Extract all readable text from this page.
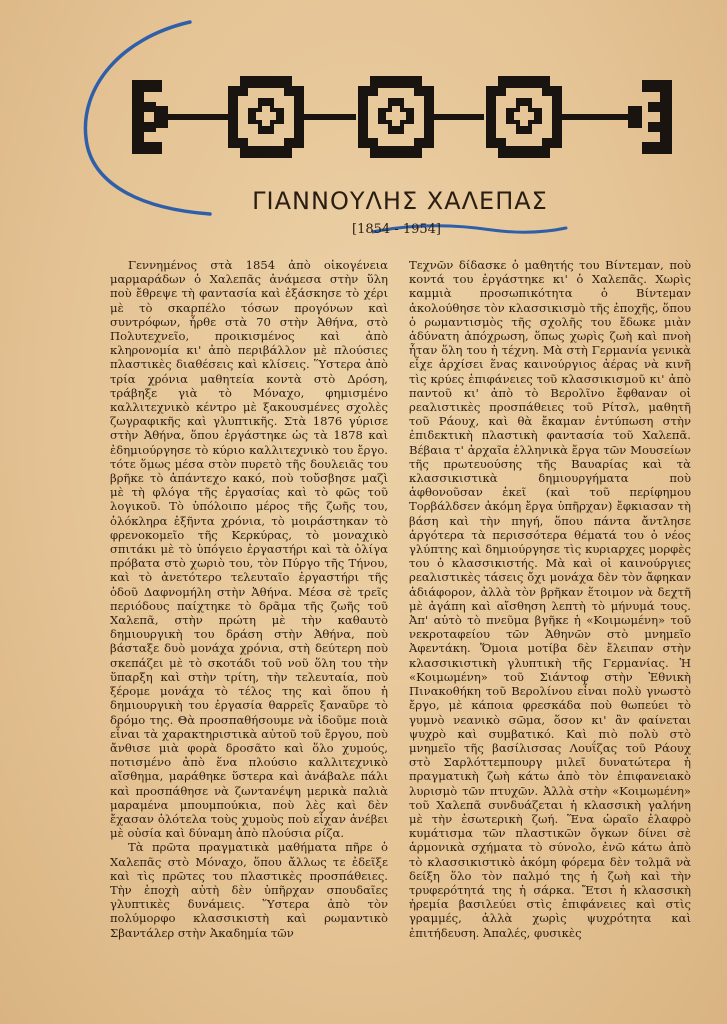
ΓΙΑΝΝΟΥΛΗΣ ΧΑΛΕΠΑΣ
[1854 - 1954]

Γεννημένος στὰ 1854 ἀπὸ οἰκογένεια μαρμαράδων ὁ Χαλεπᾶς ἀνάμεσα στὴν ὕλη ποὺ ἔθρεψε τὴ φαντασία καὶ ἐξάσκησε τὸ χέρι μὲ τὸ σκαρπέλο τόσων προγόνων καὶ συντρόφων, ἦρθε στὰ 70 στὴν Ἀθήνα, στὸ Πολυτεχνεῖο, προικισμένος καὶ ἀπὸ κληρονομία κι' ἀπὸ περιβάλλον μὲ πλούσιες πλαστικὲς διαθέσεις καὶ κλίσεις. Ὕστερα ἀπὸ τρία χρόνια μαθητεία κοντὰ στὸ Δρόση, τράβηξε γιὰ τὸ Μόναχο, φημισμένο καλλιτεχνικὸ κέντρο μὲ ξακουσμένες σχολὲς ζωγραφικῆς καὶ γλυπτικῆς. Στὰ 1876 γύρισε στὴν Ἀθήνα, ὅπου ἐργάστηκε ὡς τὰ 1878 καὶ ἐδημιούργησε τὸ κύριο καλλιτεχνικὸ του ἔργο. τότε ὅμως μέσα στὸν πυρετὸ τῆς δουλειᾶς του βρῆκε τὸ ἀπάντεχο κακό, ποὺ τοὔσβησε μαζὶ μὲ τὴ φλόγα τῆς ἐργασίας καὶ τὸ φῶς τοῦ λογικοῦ. Τὸ ὑπόλοιπο μέρος τῆς ζωῆς του, ὁλόκληρα ἑξῆντα χρόνια, τὸ μοιράστηκαν τὸ φρενοκομεῖο τῆς Κερκύρας, τὸ μοναχικὸ σπιτάκι μὲ τὸ ὑπόγειο ἐργαστήρι καὶ τὰ ὀλίγα πρόβατα στὸ χωριὸ του, τὸν Πύργο τῆς Τήνου, καὶ τὸ ἀνετότερο τελευταῖο ἐργαστήρι τῆς ὁδοῦ Δαφνομήλη στὴν Ἀθήνα. Μέσα σὲ τρεῖς περιόδους παίχτηκε τὸ δρᾶμα τῆς ζωῆς τοῦ Χαλεπᾶ, στὴν πρώτη μὲ τὴν καθαυτὸ δημιουργικὴ του δράση στὴν Ἀθήνα, ποὺ βάσταξε δυὸ μονάχα χρόνια, στὴ δεύτερη ποὺ σκεπάζει μὲ τὸ σκοτάδι τοῦ νοῦ ὅλη του τὴν ὕπαρξη καὶ στὴν τρίτη, τὴν τελευταία, ποὺ ξέρομε μονάχα τὸ τέλος της καὶ ὅπου ἡ δημιουργικὴ του ἐργασία θαρρεῖς ξαναῦρε τὸ δρόμο της. Θὰ προσπαθήσουμε νὰ ἰδοῦμε ποιὰ εἶναι τὰ χαρακτηριστικὰ αὐτοῦ τοῦ ἔργου, ποὺ ἄνθισε μιὰ φορὰ δροσᾶτο καὶ ὅλο χυμούς, ποτισμένο ἀπὸ ἕνα πλούσιο καλλιτεχνικὸ αἴσθημα, μαράθηκε ὕστερα καὶ ἀνάβαλε πάλι καὶ προσπάθησε νὰ ζωντανέψη μερικὰ παλιὰ μαραμένα μπουμπούκια, ποὺ λὲς καὶ δὲν ἔχασαν ὁλότελα τοὺς χυμοὺς ποὺ εἶχαν ἀνέβει μὲ οὐσία καὶ δύναμη ἀπὸ πλούσια ρίζα.

Τὰ πρῶτα πραγματικὰ μαθήματα πῆρε ὁ Χαλεπᾶς στὸ Μόναχο, ὅπου ἄλλως τε ἐδεῖξε καὶ τὶς πρῶτες του πλαστικὲς προσπάθειες. Τὴν ἐποχὴ αὐτὴ δὲν ὑπῆρχαν σπουδαῖες γλυπτικὲς δυνάμεις. Ὕστερα ἀπὸ τὸν πολύμορφο κλασσικιστὴ καὶ ρωμαντικὸ Σβαντάλερ στὴν Ἀκαδημία τῶν

Τεχνῶν δίδασκε ὁ μαθητής του Βίντεμαν, ποὺ κοντά του ἐργάστηκε κι' ὁ Χαλεπᾶς. Χωρὶς καμμιὰ προσωπικότητα ὁ Βίντεμαν ἀκολούθησε τὸν κλασσικισμὸ τῆς ἐποχῆς, ὅπου ὁ ρωμαντισμὸς τῆς σχολῆς του ἔδωκε μιὰν ἀδύνατη ἀπόχρωση, ὅπως χωρὶς ζωὴ καὶ πνοὴ ἦταν ὅλη του ἡ τέχνη. Μὰ στὴ Γερμανία γενικὰ εἶχε ἀρχίσει ἕνας καινούργιος ἀέρας νὰ κινῆ τὶς κρύες ἐπιφάνειες τοῦ κλασσικισμοῦ κι' ἀπὸ παντοῦ κι' ἀπὸ τὸ Βερολῖνο ἔφθαναν οἱ ρεαλιστικὲς προσπάθειες τοῦ Ρίτσλ, μαθητῆ τοῦ Ράουχ, καὶ θὰ ἔκαμαν ἐντύπωση στὴν ἐπιδεκτικὴ πλαστικὴ φαντασία τοῦ Χαλεπᾶ. Βέβαια τ' ἀρχαῖα ἑλληνικὰ ἔργα τῶν Μουσείων τῆς πρωτευούσης τῆς Βαυαρίας καὶ τὰ κλασσικιστικὰ δημιουργήματα ποὺ ἀφθονοῦσαν ἐκεῖ (καὶ τοῦ περίφημου Τορβάλδσεν ἀκόμη ἔργα ὑπῆρχαν) ἔφκιασαν τὴ βάση καὶ τὴν πηγή, ὅπου πάντα ἄντλησε ἀργότερα τὰ περισσότερα θέματά του ὁ νέος γλύπτης καὶ δημιούργησε τὶς κυριαρχες μορφὲς του ὁ κλασσικιστής. Μὰ καὶ οἱ καινούργιες ρεαλιστικὲς τάσεις ὄχι μονάχα δὲν τὸν ἄφηκαν ἀδιάφορον, ἀλλὰ τὸν βρῆκαν ἕτοιμον νὰ δεχτῆ μὲ ἀγάπη καὶ αἴσθηση λεπτὴ τὸ μήνυμά τους. Ἀπ' αὐτὸ τὸ πνεῦμα βγῆκε ἡ «Κοιμωμένη» τοῦ νεκροταφείου τῶν Ἀθηνῶν στὸ μνημεῖο Ἀφεντάκη. Ὅμοια μοτίβα δὲν ἔλειπαν στὴν κλασσικιστικὴ γλυπτικὴ τῆς Γερμανίας. Ἡ «Κοιμωμένη» τοῦ Σιάντοφ στὴν Ἐθνικὴ Πινακοθήκη τοῦ Βερολίνου εἶναι πολὺ γνωστὸ ἔργο, μὲ κάποια φρεσκάδα ποὺ θωπεύει τὸ γυμνὸ νεανικὸ σῶμα, ὅσον κι' ἂν φαίνεται ψυχρὸ καὶ συμβατικό. Καὶ πιὸ πολὺ στὸ μνημεῖο τῆς βασίλισσας Λουΐζας τοῦ Ράουχ στὸ Σαρλόττεμπουργ μιλεῖ δυνατώτερα ἡ πραγματικὴ ζωὴ κάτω ἀπὸ τὸν ἐπιφανειακὸ λυρισμὸ τῶν πτυχῶν. Ἀλλὰ στὴν «Κοιμωμένη» τοῦ Χαλεπᾶ συνδυάζεται ἡ κλασσικὴ γαλήνη μὲ τὴν ἐσωτερικὴ ζωή. Ἕνα ὡραῖο ἐλαφρὸ κυμάτισμα τῶν πλαστικῶν ὄγκων δίνει σὲ ἁρμονικὰ σχήματα τὸ σύνολο, ἐνῶ κάτω ἀπὸ τὸ κλασσικιστικὸ ἀκόμη φόρεμα δὲν τολμᾶ νὰ δείξη ὅλο τὸν παλμό της ἡ ζωὴ καὶ τὴν τρυφερότητά της ἡ σάρκα. Ἔτσι ἡ κλασσικὴ ἠρεμία βασιλεύει στὶς ἐπιφάνειες καὶ στὶς γραμμές, ἀλλὰ χωρὶς ψυχρότητα καὶ ἐπιτήδευση. Ἀπαλές, φυσικὲς
